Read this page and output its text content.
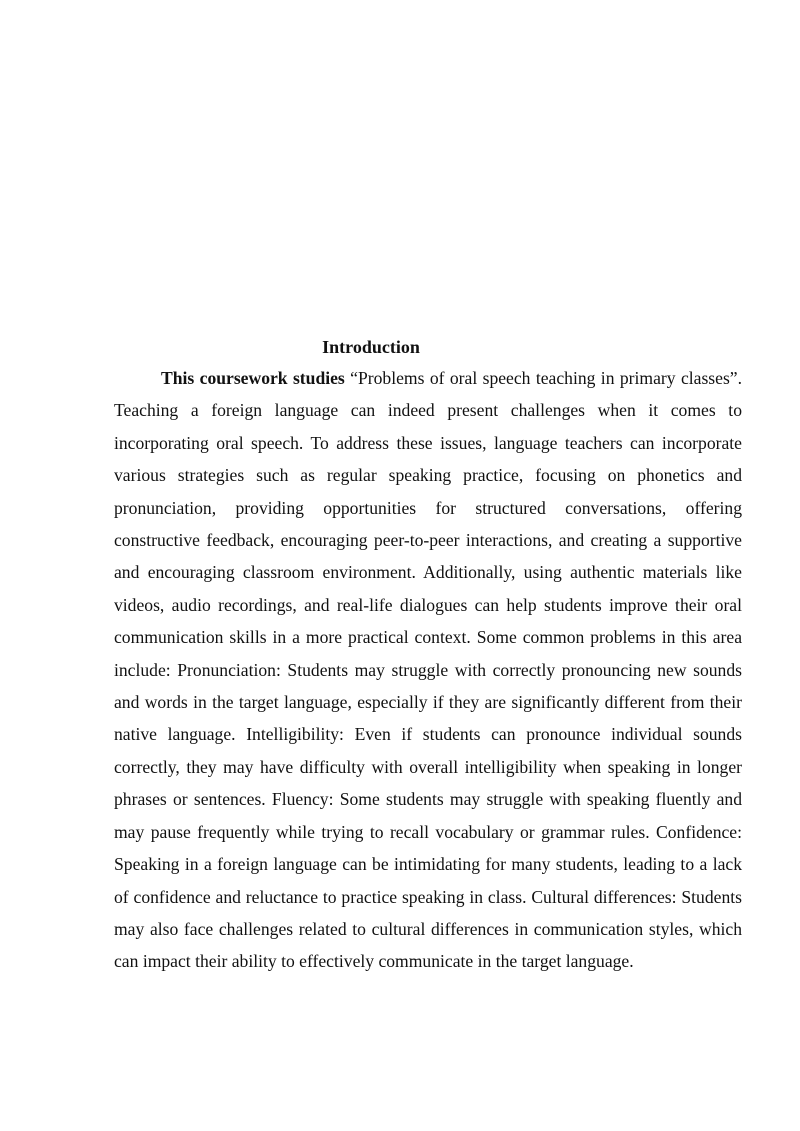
Introduction

This coursework studies “Problems of oral speech teaching in primary classes”. Teaching a foreign language can indeed present challenges when it comes to incorporating oral speech. To address these issues, language teachers can incorporate various strategies such as regular speaking practice, focusing on phonetics and pronunciation, providing opportunities for structured conversations, offering constructive feedback, encouraging peer-to-peer interactions, and creating a supportive and encouraging classroom environment. Additionally, using authentic materials like videos, audio recordings, and real-life dialogues can help students improve their oral communication skills in a more practical context. Some common problems in this area include: Pronunciation: Students may struggle with correctly pronouncing new sounds and words in the target language, especially if they are significantly different from their native language. Intelligibility: Even if students can pronounce individual sounds correctly, they may have difficulty with overall intelligibility when speaking in longer phrases or sentences. Fluency: Some students may struggle with speaking fluently and may pause frequently while trying to recall vocabulary or grammar rules. Confidence: Speaking in a foreign language can be intimidating for many students, leading to a lack of confidence and reluctance to practice speaking in class. Cultural differences: Students may also face challenges related to cultural differences in communication styles, which can impact their ability to effectively communicate in the target language.
